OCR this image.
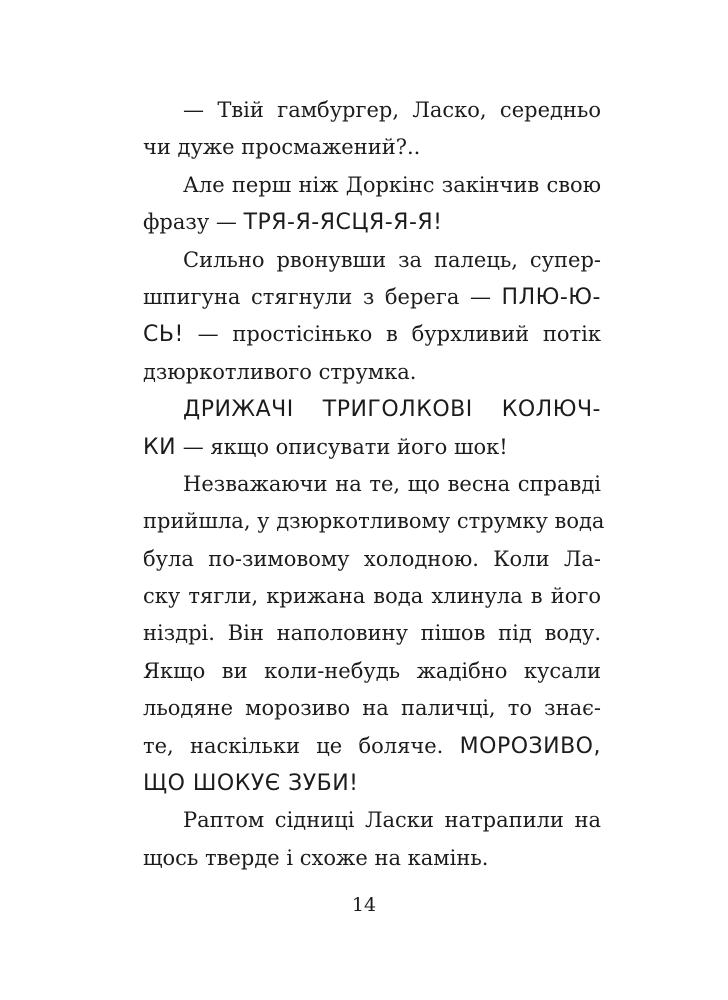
— Твій гамбургер, Ласко, середньо
чи дуже просмажений?..
Але перш ніж Доркінс закінчив свою
фразу — ТРЯ-Я-ЯСЦЯ-Я-Я!
Сильно рвонувши за палець, супер-
шпигуна стягнули з берега — ПЛЮ-Ю-
СЬ! — простісінько в бурхливий потік
дзюркотливого струмка.
ДРИЖАЧІ ТРИГОЛКОВІ КОЛЮЧ-
КИ — якщо описувати його шок!
Незважаючи на те, що весна справді
прийшла, у дзюркотливому струмку вода
була по-зимовому холодною. Коли Ла-
ску тягли, крижана вода хлинула в його
ніздрі. Він наполовину пішов під воду.
Якщо ви коли-небудь жадібно кусали
льодяне морозиво на паличці, то знає-
те, наскільки це боляче. МОРОЗИВО,
ЩО ШОКУЄ ЗУБИ!
Раптом сідниці Ласки натрапили на
щось тверде і схоже на камінь.
14
